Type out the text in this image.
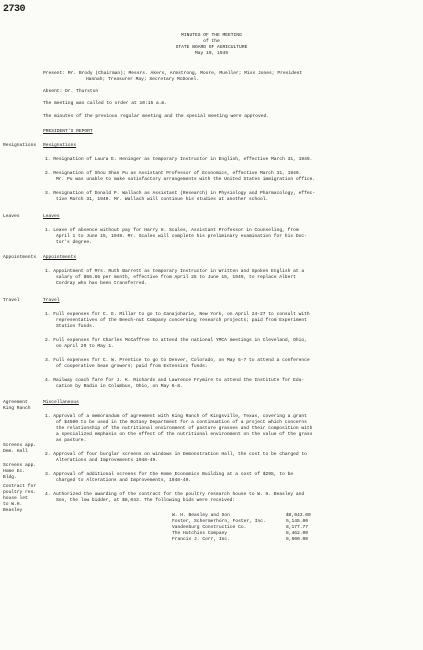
2730
MINUTES OF THE MEETING
of the
STATE BOARD OF AGRICULTURE
May 19, 1949
Present: Mr. Brody (Chairman); Messrs. Akers, Armstrong, Moore, Mueller; Miss Jones; President
Hannah; Treasurer May; Secretary McDonel.
Absent: Dr. Thurston
The meeting was called to order at 10:15 a.m.
The minutes of the previous regular meeting and the special meeting were approved.
PRESIDENT'S REPORT
Resignations Resignations
1. Resignation of Laura E. Heninger as temporary Instructor in English, effective March 31, 1949.
2. Resignation of Shou Shan Pu as Assistant Professor of Economics, effective March 31, 1949.
Mr. Pu was unable to make satisfactory arrangements with the United States immigration office.
3. Resignation of Donald P. Wallach as Assistant (Research) in Physiology and Pharmacology, effec-
tive March 31, 1949. Mr. Wallach will continue his studies at another school.
Leaves	Leaves
1. Leave of absence without pay for Harry H. Scales, Assistant Professor in Counseling, from
April 1 to June 15, 1949. Mr. Scales will complete his preliminary examination for his Doc-
tor's degree.
Appointments Appointments
1. Appointment of Mrs. Ruth Barrett as temporary Instructor in Written and Spoken English at a
salary of $66.66 per month, effective from April 25 to June 15, 1949, to replace Albert
Cordray who has been transferred.
Travel	Travel
1. Full expenses for C. E. Millar to go to Canajoharie, New York, on April 24-27 to consult with
representatives of the Beech-nut Company concerning research projects; paid from Experiment
Station funds.
2. Full expenses for Charles McCaffree to attend the national YMCA meetings in Cleveland, Ohio,
on April 29 to May 1.
3. Full expenses for C. W. Prentice to go to Denver, Colorado, on May 5-7 to attend a conference
of cooperative bean growers; paid from Extension funds.
4. Railway coach fare for J. K. Richards and Lawrence Frymire to attend the Institute for Edu-
cation by Radio in Columbus, Ohio, on May 6-8.
Agreement
King Ranch
Miscellaneous
1. Approval of a memorandum of agreement with King Ranch of Kingsville, Texas, covering a grant
of $4500 to be used in the Botany Department for a continuation of a project which concerns
the relationship of the nutritional environment of pasture grasses and their composition with
a specialized emphasis on the effect of the nutritional environment on the value of the grass
as pasture.
Screens app.
Dem. Hall
2. Approval of four burglar screens on windows in Demonstration Hall, the cost to be charged to
Alterations and Improvements 1948-49.
Screens app.
Home Ec.
Bldg.
3. Approval of additional screens for the Home Economics Building at a cost of $295, to be
charged to Alterations and Improvements, 1948-49.
Contract for
poultry res.
house let
to W.H.
Beasley
4. Authorized the awarding of the contract for the poultry research house to W. H. Beasley and
Son, the low bidder, at $8,043. The following bids were received:
W. H. Beasley and Son	$8,043.00
Foster, Schermerhorn, Foster, Inc.	5,145.00
Vandenburg Construction Co.	8,177.77
The Hutchins Company	8,462.00
Francis J. Corr, Inc.	8,600.00
